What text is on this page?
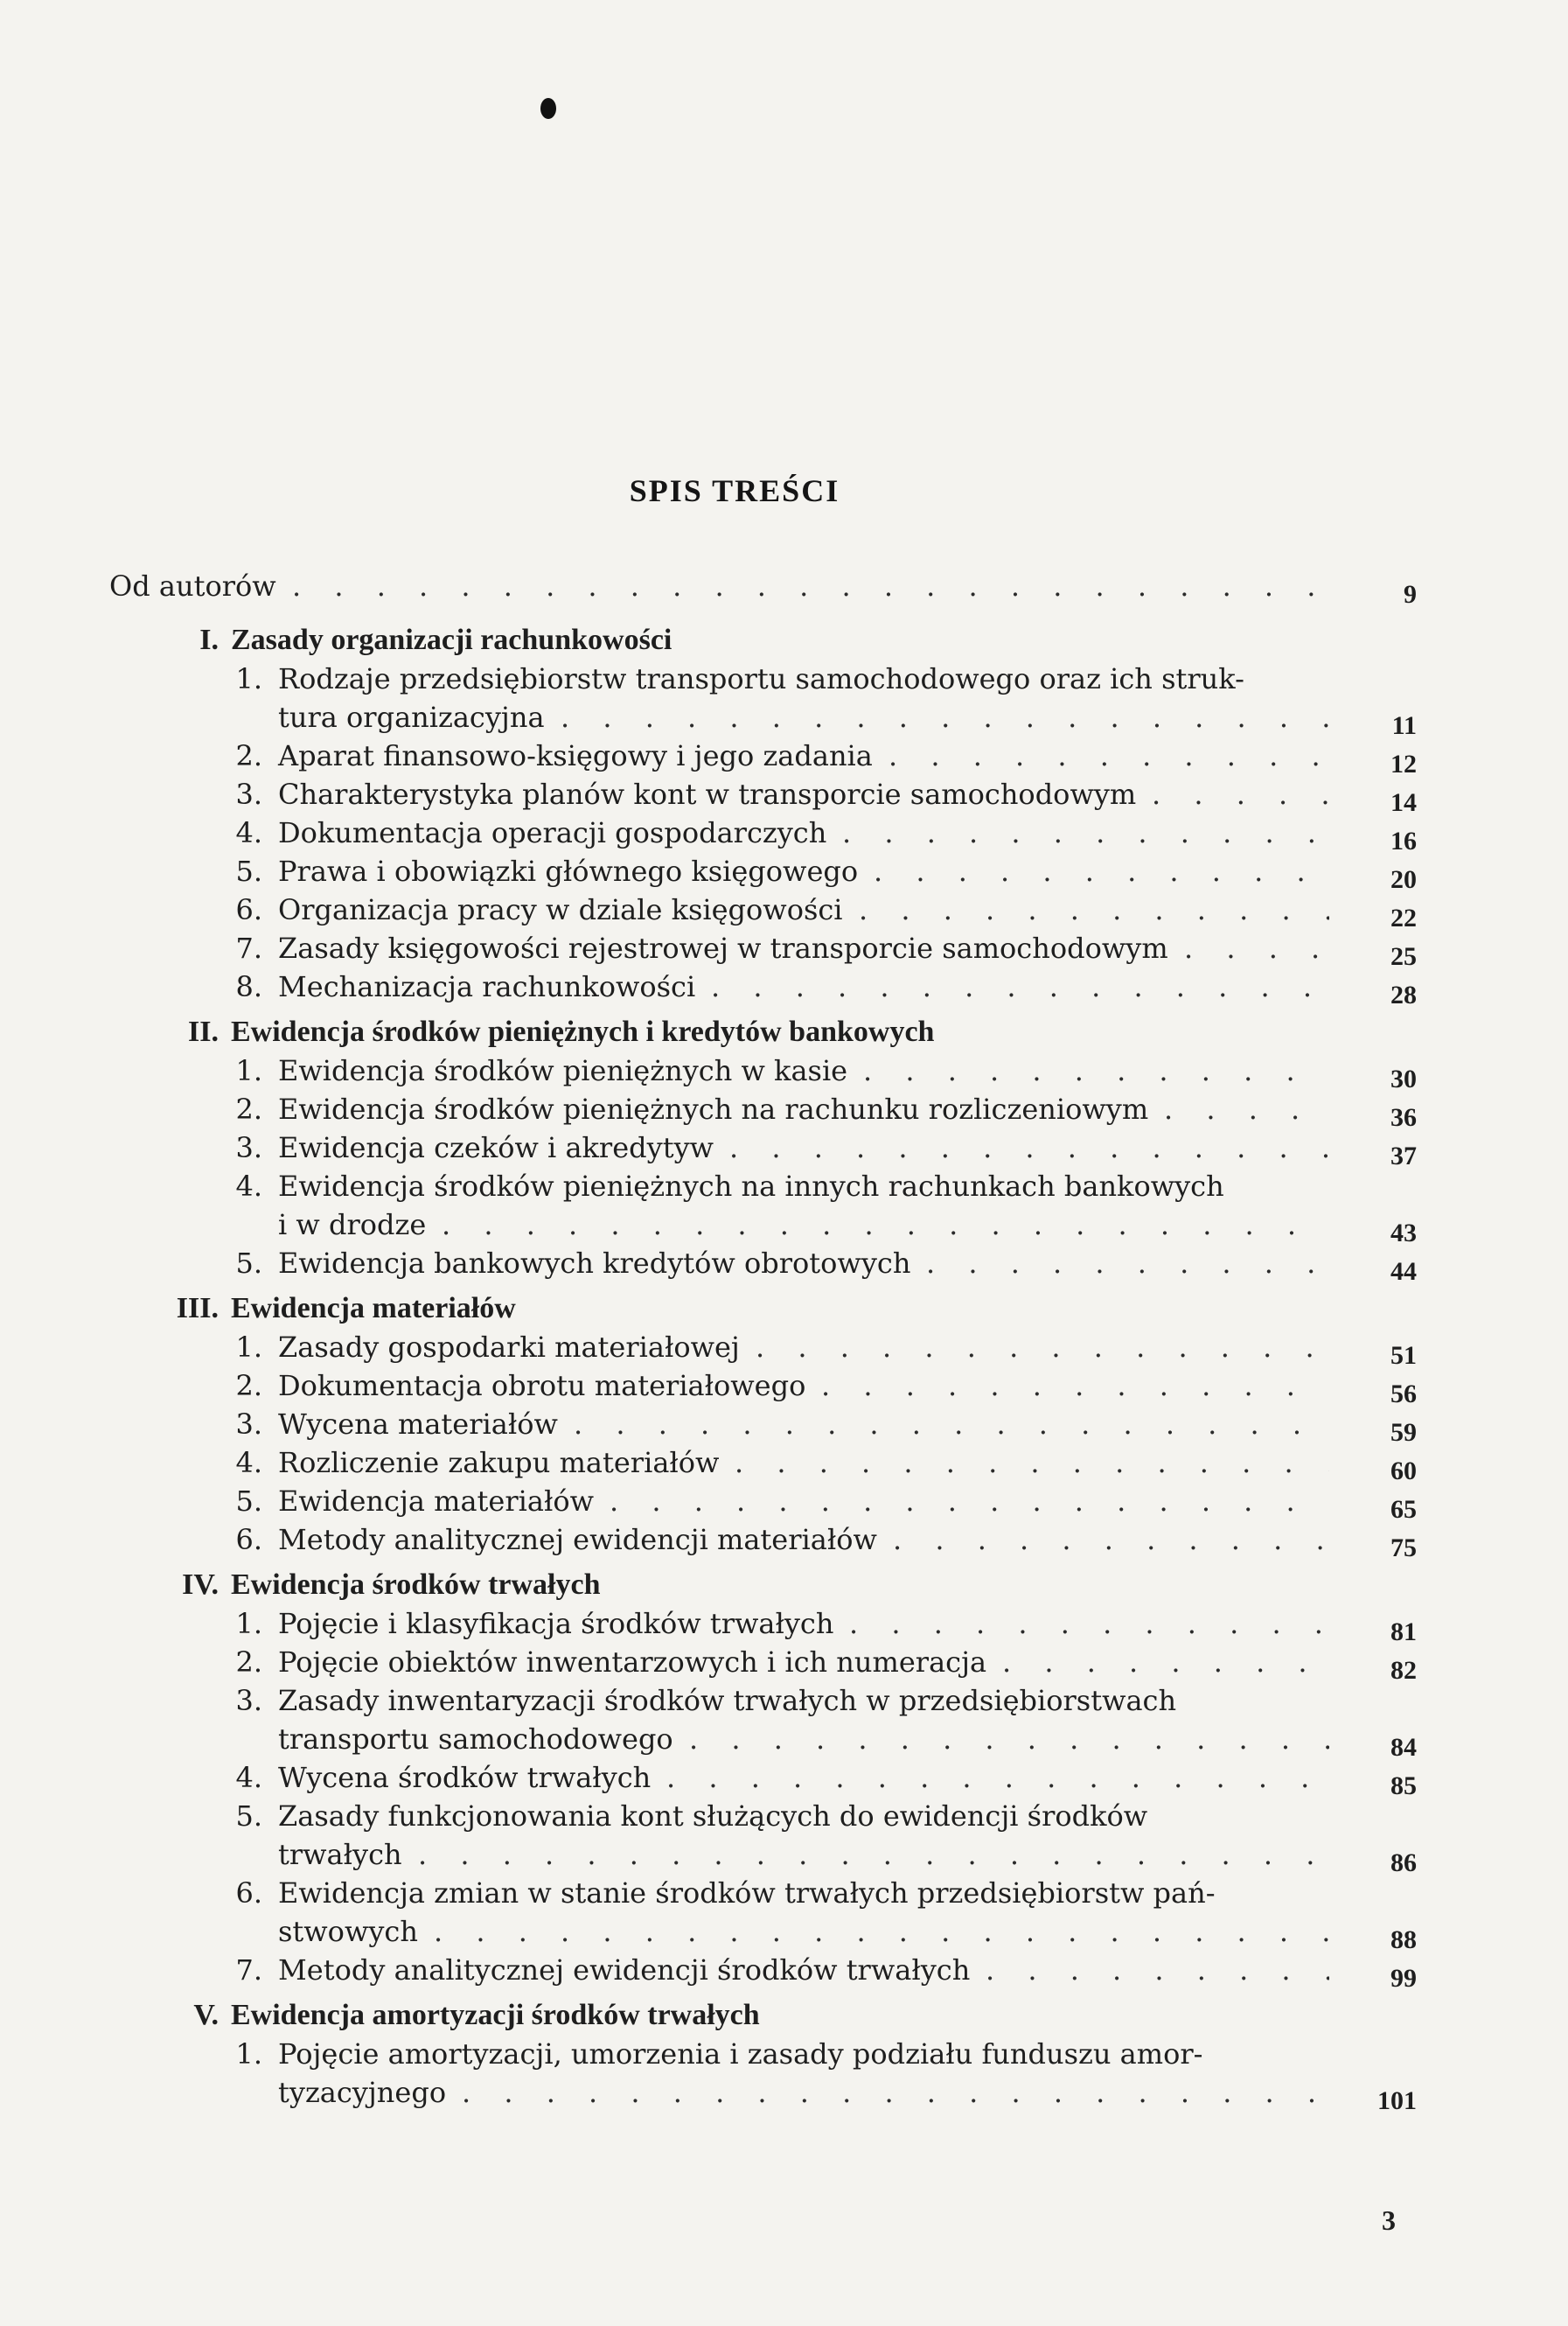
SPIS TREŚCI
Od autorów . . .	9
I. Zasady organizacji rachunkowości
1. Rodzaje przedsiębiorstw transportu samochodowego oraz ich struk-
tura organizacyjna . . .	11
2. Aparat finansowo-księgowy i jego zadania . . .	12
3. Charakterystyka planów kont w transporcie samochodowym . . .	14
4. Dokumentacja operacji gospodarczych . . .	16
5. Prawa i obowiązki głównego księgowego . . .	20
6. Organizacja pracy w dziale księgowości . . .	22
7. Zasady księgowości rejestrowej w transporcie samochodowym . . .	25
8. Mechanizacja rachunkowości . . .	28
II. Ewidencja środków pieniężnych i kredytów bankowych
1. Ewidencja środków pieniężnych w kasie . . .	30
2. Ewidencja środków pieniężnych na rachunku rozliczeniowym . . .	36
3. Ewidencja czeków i akredytyw . . .	37
4. Ewidencja środków pieniężnych na innych rachunkach bankowych
i w drodze . . .	43
5. Ewidencja bankowych kredytów obrotowych . . .	44
III. Ewidencja materiałów
1. Zasady gospodarki materiałowej . . .	51
2. Dokumentacja obrotu materiałowego . . .	56
3. Wycena materiałów . . .	59
4. Rozliczenie zakupu materiałów . . .	60
5. Ewidencja materiałów . . .	65
6. Metody analitycznej ewidencji materiałów . . .	75
IV. Ewidencja środków trwałych
1. Pojęcie i klasyfikacja środków trwałych . . .	81
2. Pojęcie obiektów inwentarzowych i ich numeracja . . .	82
3. Zasady inwentaryzacji środków trwałych w przedsiębiorstwach
transportu samochodowego . . .	84
4. Wycena środków trwałych . . .	85
5. Zasady funkcjonowania kont służących do ewidencji środków
trwałych . . .	86
6. Ewidencja zmian w stanie środków trwałych przedsiębiorstw pań-
stwowych . . .	88
7. Metody analitycznej ewidencji środków trwałych . . .	99
V. Ewidencja amortyzacji środków trwałych
1. Pojęcie amortyzacji, umorzenia i zasady podziału funduszu amor-
tyzacyjnego . . .	101
3
